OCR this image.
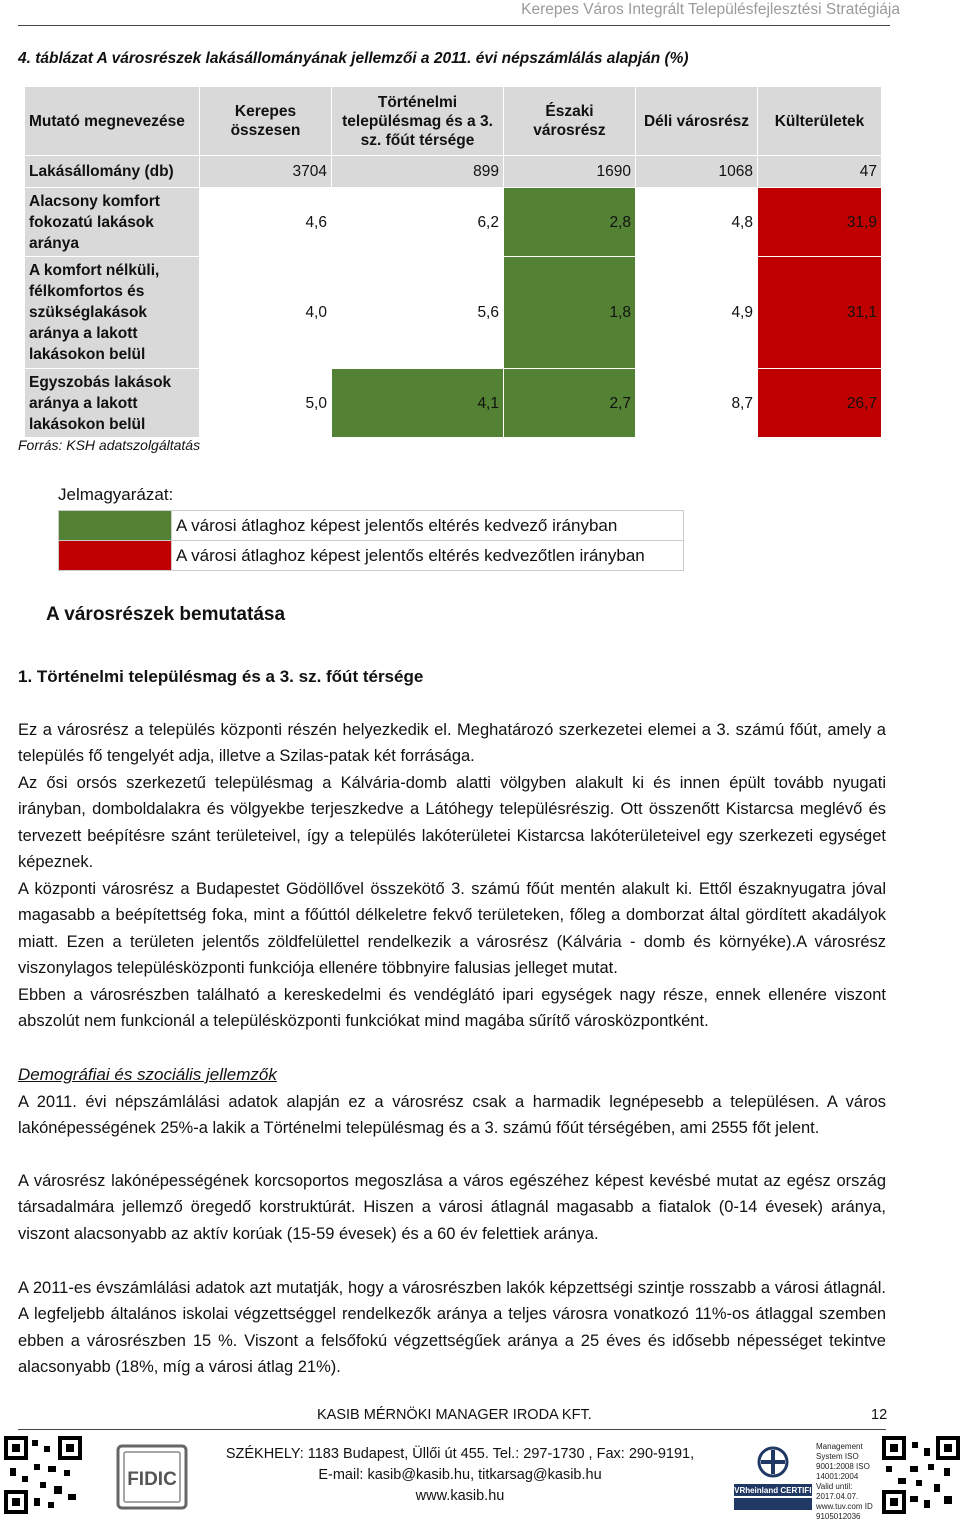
Kerepes Város Integrált Településfejlesztési Stratégiája
4. táblázat A városrészek lakásállományának jellemzői a 2011. évi népszámlálás alapján (%)
Mutató megnevezése	Kerepes összesen	Történelmi településmag és a 3. sz. főút térsége	Északi városrész	Déli városrész	Külterületek
Lakásállomány (db)	3704	899	1690	1068	47
Alacsony komfort fokozatú lakások aránya	4,6	6,2	2,8	4,8	31,9
A komfort nélküli, félkomfortos és szükséglakások aránya a lakott lakásokon belül	4,0	5,6	1,8	4,9	31,1
Egyszobás lakások aránya a lakott lakásokon belül	5,0	4,1	2,7	8,7	26,7
Forrás: KSH adatszolgáltatás
Jelmagyarázat:
	A városi átlaghoz képest jelentős eltérés kedvező irányban
	A városi átlaghoz képest jelentős eltérés kedvezőtlen irányban
A városrészek bemutatása
1. Történelmi településmag és a 3. sz. főút térsége

Ez a városrész a település központi részén helyezkedik el. Meghatározó szerkezetei elemei a 3. számú főút, amely a település fő tengelyét adja, illetve a Szilas-patak két forrásága.

Az ősi orsós szerkezetű településmag a Kálvária-domb alatti völgyben alakult ki és innen épült tovább nyugati irányban, domboldalakra és völgyekbe terjeszkedve a Látóhegy településrészig. Ott összenőtt Kistarcsa meglévő és tervezett beépítésre szánt területeivel, így a település lakóterületei Kistarcsa lakóterületeivel egy szerkezeti egységet képeznek.

A központi városrész a Budapestet Gödöllővel összekötő 3. számú főút mentén alakult ki. Ettől északnyugatra jóval magasabb a beépítettség foka, mint a főúttól délkeletre fekvő területeken, főleg a domborzat által gördített akadályok miatt. Ezen a területen jelentős zöldfelülettel rendelkezik a városrész (Kálvária - domb és környéke).A városrész viszonylagos településközponti funkciója ellenére többnyire falusias jelleget mutat.

Ebben a városrészben található a kereskedelmi és vendéglátó ipari egységek nagy része, ennek ellenére viszont abszolút nem funkcionál a településközponti funkciókat mind magába sűrítő városközpontként.

Demográfiai és szociális jellemzők

A 2011. évi népszámlálási adatok alapján ez a városrész csak a harmadik legnépesebb a településen. A város lakónépességének 25%-a lakik a Történelmi településmag és a 3. számú főút térségében, ami 2555 főt jelent.

A városrész lakónépességének korcsoportos megoszlása a város egészéhez képest kevésbé mutat az egész ország társadalmára jellemző öregedő korstruktúrát. Hiszen a városi átlagnál magasabb a fiatalok (0-14 évesek) aránya, viszont alacsonyabb az aktív korúak (15-59 évesek) és a 60 év felettiek aránya.

A 2011-es évszámlálási adatok azt mutatják, hogy a városrészben lakók képzettségi szintje rosszabb a városi átlagnál. A legfeljebb általános iskolai végzettséggel rendelkezők aránya a teljes városra vonatkozó 11%-os átlaggal szemben ebben a városrészben 15 %. Viszont a felsőfokú végzettségűek aránya a 25 éves és idősebb népességet tekintve alacsonyabb (18%, míg a városi átlag 21%).

KASIB MÉRNÖKI MANAGER IRODA KFT.	12
FIDIC
SZÉKHELY: 1183 Budapest, Üllői út 455. Tel.: 297-1730 , Fax: 290-9191,
E-mail: kasib@kasib.hu, titkarsag@kasib.hu
www.kasib.hu	TÜVRheinland CERTIFIED
Management System ISO 9001:2008 ISO 14001:2004 Valid until: 2017.04.07. www.tuv.com ID 9105012036
